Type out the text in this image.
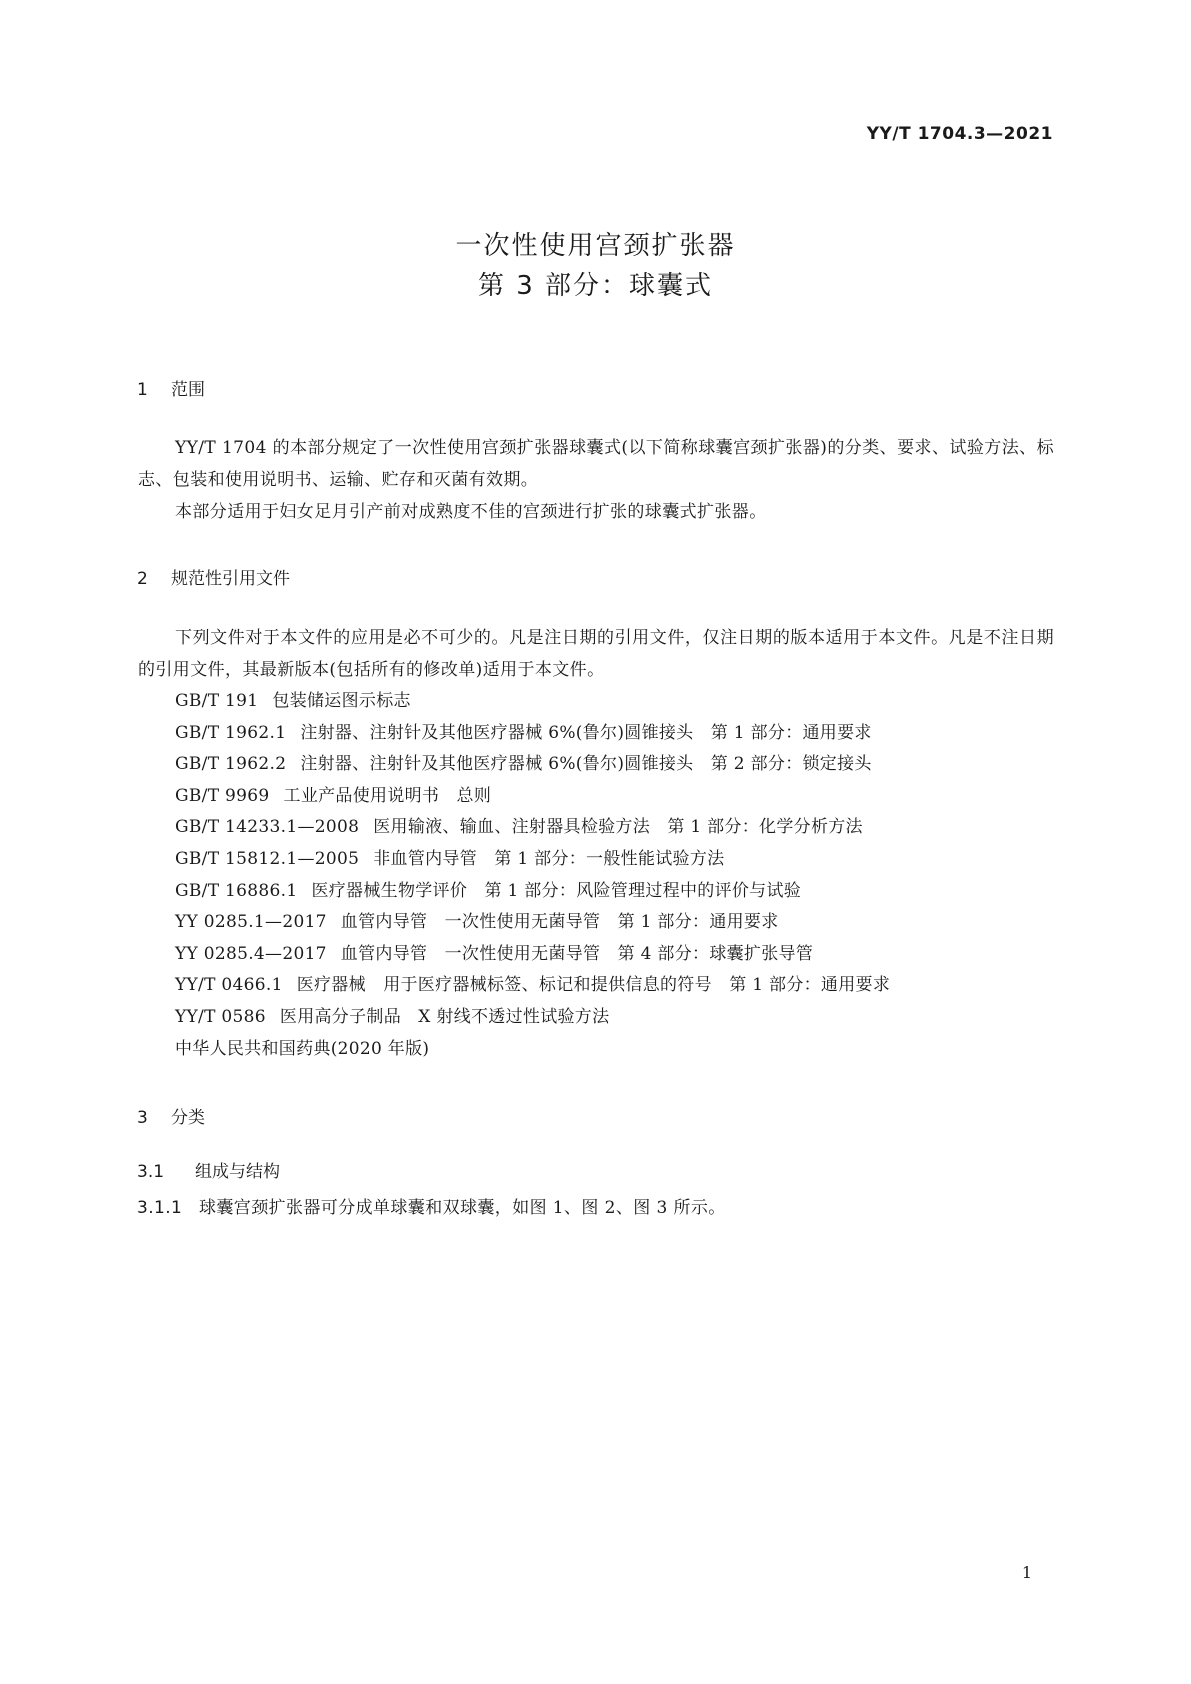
YY/T 1704.3—2021

一次性使用宫颈扩张器
第 3 部分：球囊式
1 范围

YY/T 1704 的本部分规定了一次性使用宫颈扩张器球囊式(以下简称球囊宫颈扩张器)的分类、要求、试验方法、标志、包装和使用说明书、运输、贮存和灭菌有效期。

本部分适用于妇女足月引产前对成熟度不佳的宫颈进行扩张的球囊式扩张器。

2 规范性引用文件

下列文件对于本文件的应用是必不可少的。凡是注日期的引用文件，仅注日期的版本适用于本文件。凡是不注日期的引用文件，其最新版本(包括所有的修改单)适用于本文件。

GB/T 191 包装储运图示标志
GB/T 1962.1 注射器、注射针及其他医疗器械 6%(鲁尔)圆锥接头　第 1 部分：通用要求
GB/T 1962.2 注射器、注射针及其他医疗器械 6%(鲁尔)圆锥接头　第 2 部分：锁定接头
GB/T 9969 工业产品使用说明书　总则
GB/T 14233.1—2008 医用输液、输血、注射器具检验方法　第 1 部分：化学分析方法
GB/T 15812.1—2005 非血管内导管　第 1 部分：一般性能试验方法
GB/T 16886.1 医疗器械生物学评价　第 1 部分：风险管理过程中的评价与试验
YY 0285.1—2017 血管内导管　一次性使用无菌导管　第 1 部分：通用要求
YY 0285.4—2017 血管内导管　一次性使用无菌导管　第 4 部分：球囊扩张导管
YY/T 0466.1 医疗器械　用于医疗器械标签、标记和提供信息的符号　第 1 部分：通用要求
YY/T 0586 医用高分子制品　X 射线不透过性试验方法
中华人民共和国药典(2020 年版)
3 分类
3.1 组成与结构

3.1.1 球囊宫颈扩张器可分成单球囊和双球囊，如图 1、图 2、图 3 所示。

1
